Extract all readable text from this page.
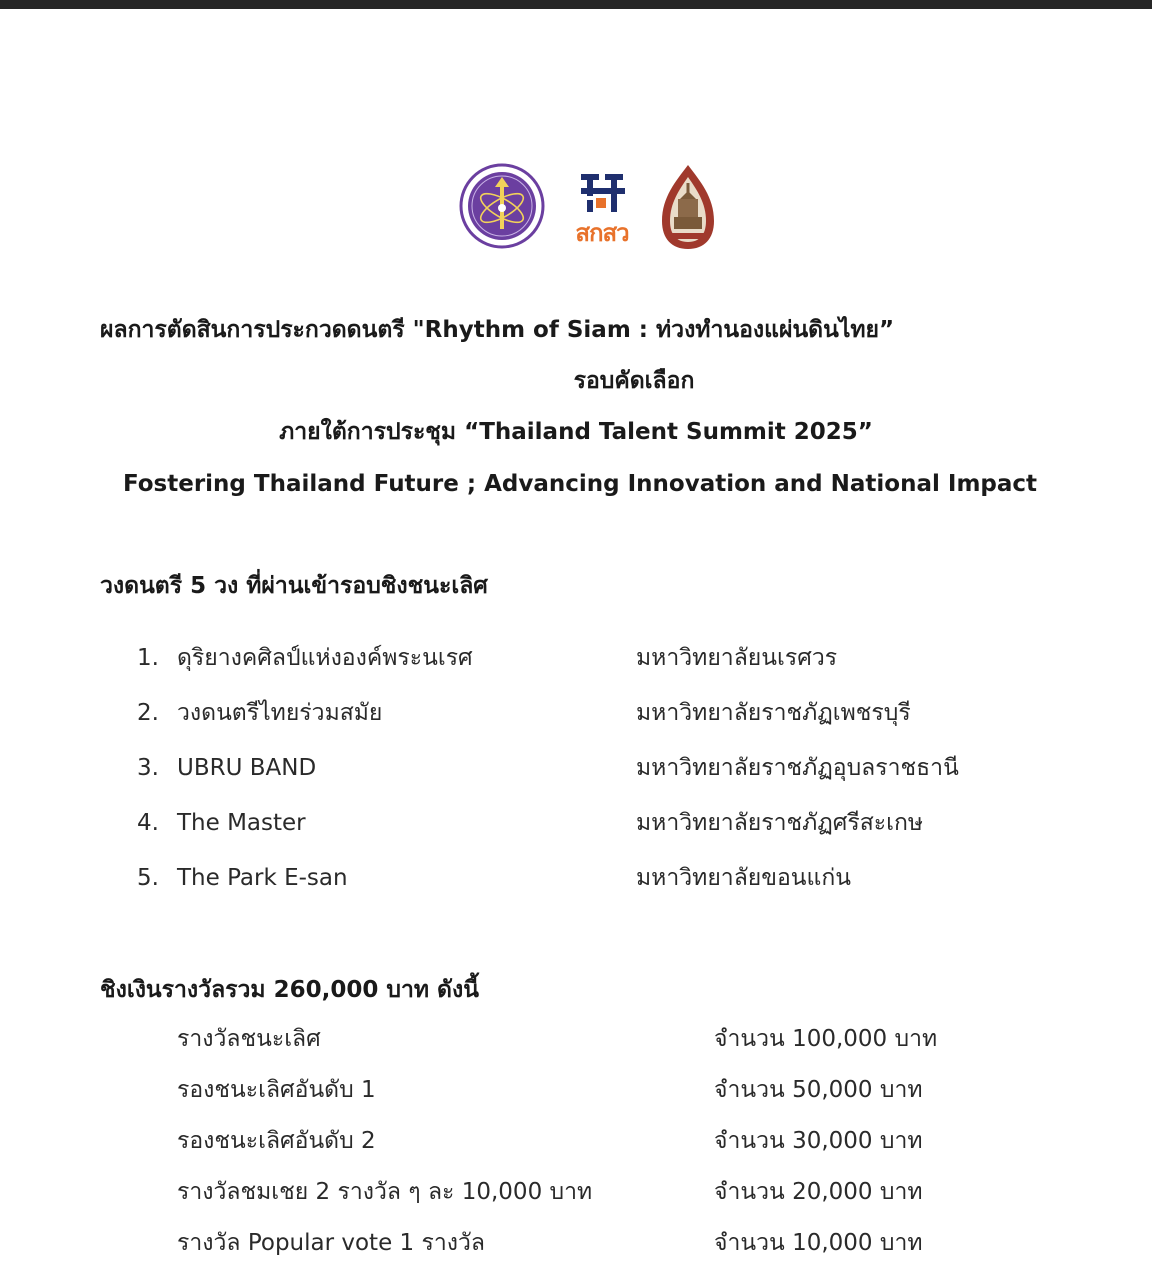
สกสว
ผลการตัดสินการประกวดดนตรี "Rhythm of Siam : ท่วงทำนองแผ่นดินไทย”
รอบคัดเลือก
ภายใต้การประชุม “Thailand Talent Summit 2025”
Fostering Thailand Future ; Advancing Innovation and National Impact
วงดนตรี 5 วง ที่ผ่านเข้ารอบชิงชนะเลิศ
1. ดุริยางคศิลป์แห่งองค์พระนเรศ	มหาวิทยาลัยนเรศวร
2. วงดนตรีไทยร่วมสมัย	มหาวิทยาลัยราชภัฏเพชรบุรี
3. UBRU BAND	มหาวิทยาลัยราชภัฏอุบลราชธานี
4. The Master	มหาวิทยาลัยราชภัฏศรีสะเกษ
5. The Park E-san	มหาวิทยาลัยขอนแก่น
ชิงเงินรางวัลรวม 260,000 บาท ดังนี้
รางวัลชนะเลิศ	จำนวน 100,000 บาท
รองชนะเลิศอันดับ 1	จำนวน 50,000 บาท
รองชนะเลิศอันดับ 2	จำนวน 30,000 บาท
รางวัลชมเชย 2 รางวัล ๆ ละ 10,000 บาท	จำนวน 20,000 บาท
รางวัล Popular vote 1 รางวัล	จำนวน 10,000 บาท
